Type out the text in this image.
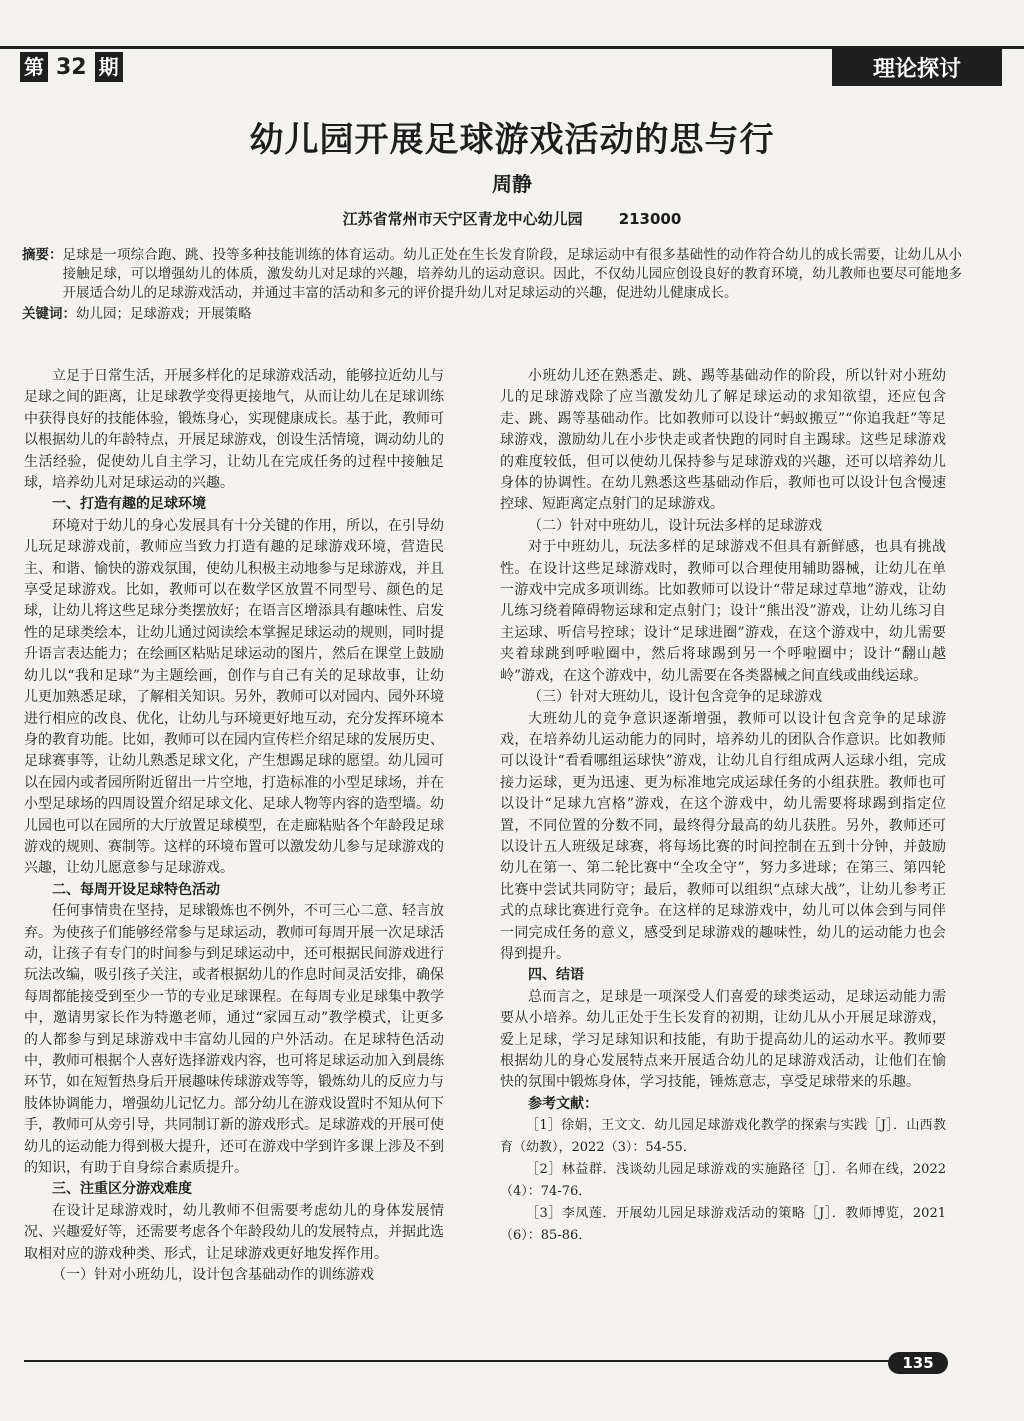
第 32 期	理论探讨
幼儿园开展足球游戏活动的思与行
周静
江苏省常州市天宁区青龙中心幼儿园 213000
摘要： 足球是一项综合跑、跳、投等多种技能训练的体育运动。幼儿正处在生长发育阶段，足球运动中有很多基础性的动作符合幼儿的成长需要，让幼儿从小接触足球，可以增强幼儿的体质，激发幼儿对足球的兴趣，培养幼儿的运动意识。因此，不仅幼儿园应创设良好的教育环境，幼儿教师也要尽可能地多开展适合幼儿的足球游戏活动，并通过丰富的活动和多元的评价提升幼儿对足球运动的兴趣，促进幼儿健康成长。
关键词： 幼儿园；足球游戏；开展策略

立足于日常生活，开展多样化的足球游戏活动，能够拉近幼儿与足球之间的距离，让足球教学变得更接地气，从而让幼儿在足球训练中获得良好的技能体验，锻炼身心，实现健康成长。基于此，教师可以根据幼儿的年龄特点，开展足球游戏，创设生活情境，调动幼儿的生活经验，促使幼儿自主学习，让幼儿在完成任务的过程中接触足球，培养幼儿对足球运动的兴趣。

一、打造有趣的足球环境

环境对于幼儿的身心发展具有十分关键的作用，所以，在引导幼儿玩足球游戏前，教师应当致力打造有趣的足球游戏环境，营造民主、和谐、愉快的游戏氛围，使幼儿积极主动地参与足球游戏，并且享受足球游戏。比如，教师可以在数学区放置不同型号、颜色的足球，让幼儿将这些足球分类摆放好；在语言区增添具有趣味性、启发性的足球类绘本，让幼儿通过阅读绘本掌握足球运动的规则，同时提升语言表达能力；在绘画区粘贴足球运动的图片，然后在课堂上鼓励幼儿以“我和足球”为主题绘画，创作与自己有关的足球故事，让幼儿更加熟悉足球，了解相关知识。另外，教师可以对园内、园外环境进行相应的改良、优化，让幼儿与环境更好地互动，充分发挥环境本身的教育功能。比如，教师可以在园内宣传栏介绍足球的发展历史、足球赛事等，让幼儿熟悉足球文化，产生想踢足球的愿望。幼儿园可以在园内或者园所附近留出一片空地，打造标准的小型足球场，并在小型足球场的四周设置介绍足球文化、足球人物等内容的造型墙。幼儿园也可以在园所的大厅放置足球模型，在走廊粘贴各个年龄段足球游戏的规则、赛制等。这样的环境布置可以激发幼儿参与足球游戏的兴趣，让幼儿愿意参与足球游戏。

二、每周开设足球特色活动

任何事情贵在坚持，足球锻炼也不例外，不可三心二意、轻言放弃。为使孩子们能够经常参与足球运动，教师可每周开展一次足球活动，让孩子有专门的时间参与到足球运动中，还可根据民间游戏进行玩法改编，吸引孩子关注，或者根据幼儿的作息时间灵活安排，确保每周都能接受到至少一节的专业足球课程。在每周专业足球集中教学中，邀请男家长作为特邀老师，通过“家园互动”教学模式，让更多的人都参与到足球游戏中丰富幼儿园的户外活动。在足球特色活动中，教师可根据个人喜好选择游戏内容，也可将足球运动加入到晨练环节，如在短暂热身后开展趣味传球游戏等等，锻炼幼儿的反应力与肢体协调能力，增强幼儿记忆力。部分幼儿在游戏设置时不知从何下手，教师可从旁引导，共同制订新的游戏形式。足球游戏的开展可使幼儿的运动能力得到极大提升，还可在游戏中学到许多课上涉及不到的知识，有助于自身综合素质提升。

三、注重区分游戏难度

在设计足球游戏时，幼儿教师不但需要考虑幼儿的身体发展情况、兴趣爱好等，还需要考虑各个年龄段幼儿的发展特点，并据此选取相对应的游戏种类、形式，让足球游戏更好地发挥作用。

（一）针对小班幼儿，设计包含基础动作的训练游戏

小班幼儿还在熟悉走、跳、踢等基础动作的阶段，所以针对小班幼儿的足球游戏除了应当激发幼儿了解足球运动的求知欲望，还应包含走、跳、踢等基础动作。比如教师可以设计“蚂蚁搬豆”“你追我赶”等足球游戏，激励幼儿在小步快走或者快跑的同时自主踢球。这些足球游戏的难度较低，但可以使幼儿保持参与足球游戏的兴趣，还可以培养幼儿身体的协调性。在幼儿熟悉这些基础动作后，教师也可以设计包含慢速控球、短距离定点射门的足球游戏。

（二）针对中班幼儿，设计玩法多样的足球游戏

对于中班幼儿，玩法多样的足球游戏不但具有新鲜感，也具有挑战性。在设计这些足球游戏时，教师可以合理使用辅助器械，让幼儿在单一游戏中完成多项训练。比如教师可以设计“带足球过草地”游戏，让幼儿练习绕着障碍物运球和定点射门；设计“熊出没”游戏，让幼儿练习自主运球、听信号控球；设计“足球进圈”游戏，在这个游戏中，幼儿需要夹着球跳到呼啦圈中，然后将球踢到另一个呼啦圈中；设计“翻山越岭”游戏，在这个游戏中，幼儿需要在各类器械之间直线或曲线运球。

（三）针对大班幼儿，设计包含竞争的足球游戏

大班幼儿的竞争意识逐渐增强，教师可以设计包含竞争的足球游戏，在培养幼儿运动能力的同时，培养幼儿的团队合作意识。比如教师可以设计“看看哪组运球快”游戏，让幼儿自行组成两人运球小组，完成接力运球，更为迅速、更为标准地完成运球任务的小组获胜。教师也可以设计“足球九宫格”游戏，在这个游戏中，幼儿需要将球踢到指定位置，不同位置的分数不同，最终得分最高的幼儿获胜。另外，教师还可以设计五人班级足球赛，将每场比赛的时间控制在五到十分钟，并鼓励幼儿在第一、第二轮比赛中“全攻全守”，努力多进球；在第三、第四轮比赛中尝试共同防守；最后，教师可以组织“点球大战”，让幼儿参考正式的点球比赛进行竞争。在这样的足球游戏中，幼儿可以体会到与同伴一同完成任务的意义，感受到足球游戏的趣味性，幼儿的运动能力也会得到提升。

四、结语

总而言之，足球是一项深受人们喜爱的球类运动，足球运动能力需要从小培养。幼儿正处于生长发育的初期，让幼儿从小开展足球游戏，爱上足球，学习足球知识和技能，有助于提高幼儿的运动水平。教师要根据幼儿的身心发展特点来开展适合幼儿的足球游戏活动，让他们在愉快的氛围中锻炼身体，学习技能，锤炼意志，享受足球带来的乐趣。

参考文献：
［1］徐娟，王文文．幼儿园足球游戏化教学的探索与实践［J］．山西教育（幼教），2022（3）：54-55．
［2］林益群．浅谈幼儿园足球游戏的实施路径［J］．名师在线，2022（4）：74-76．
［3］李凤莲．开展幼儿园足球游戏活动的策略［J］．教师博览，2021（6）：85-86．
135
